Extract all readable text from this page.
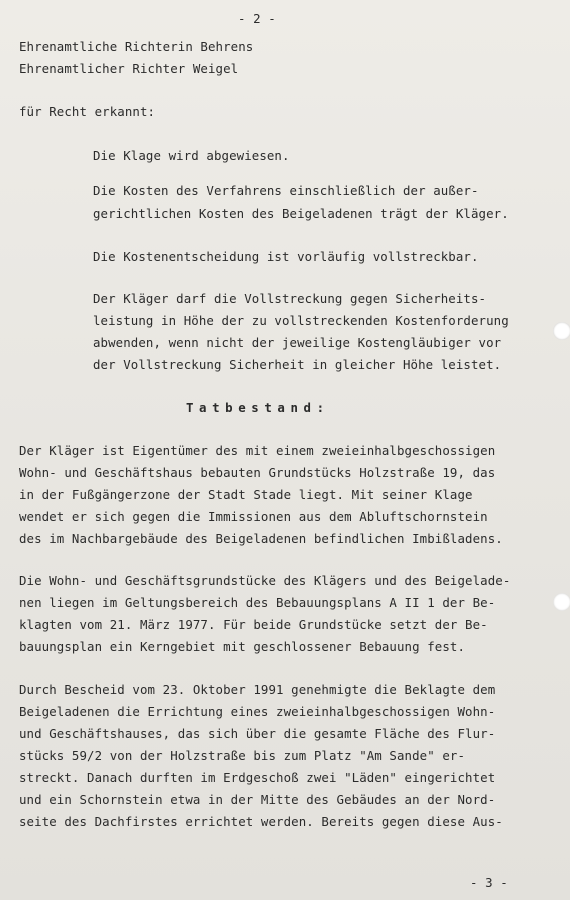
- 2 -
Ehrenamtliche Richterin Behrens
Ehrenamtlicher Richter Weigel
für Recht erkannt:
Die Klage wird abgewiesen.
Die Kosten des Verfahrens einschließlich der außer-
gerichtlichen Kosten des Beigeladenen trägt der Kläger.
Die Kostenentscheidung ist vorläufig vollstreckbar.
Der Kläger darf die Vollstreckung gegen Sicherheits-
leistung in Höhe der zu vollstreckenden Kostenforderung
abwenden, wenn nicht der jeweilige Kostengläubiger vor
der Vollstreckung Sicherheit in gleicher Höhe leistet.
Tatbestand:
Der Kläger ist Eigentümer des mit einem zweieinhalbgeschossigen
Wohn- und Geschäftshaus bebauten Grundstücks Holzstraße 19, das
in der Fußgängerzone der Stadt Stade liegt. Mit seiner Klage
wendet er sich gegen die Immissionen aus dem Abluftschornstein
des im Nachbargebäude des Beigeladenen befindlichen Imbißladens.
Die Wohn- und Geschäftsgrundstücke des Klägers und des Beigelade-
nen liegen im Geltungsbereich des Bebauungsplans A II 1 der Be-
klagten vom 21. März 1977. Für beide Grundstücke setzt der Be-
bauungsplan ein Kerngebiet mit geschlossener Bebauung fest.
Durch Bescheid vom 23. Oktober 1991 genehmigte die Beklagte dem
Beigeladenen die Errichtung eines zweieinhalbgeschossigen Wohn-
und Geschäftshauses, das sich über die gesamte Fläche des Flur-
stücks 59/2 von der Holzstraße bis zum Platz "Am Sande" er-
streckt. Danach durften im Erdgeschoß zwei "Läden" eingerichtet
und ein Schornstein etwa in der Mitte des Gebäudes an der Nord-
seite des Dachfirstes errichtet werden. Bereits gegen diese Aus-
- 3 -
